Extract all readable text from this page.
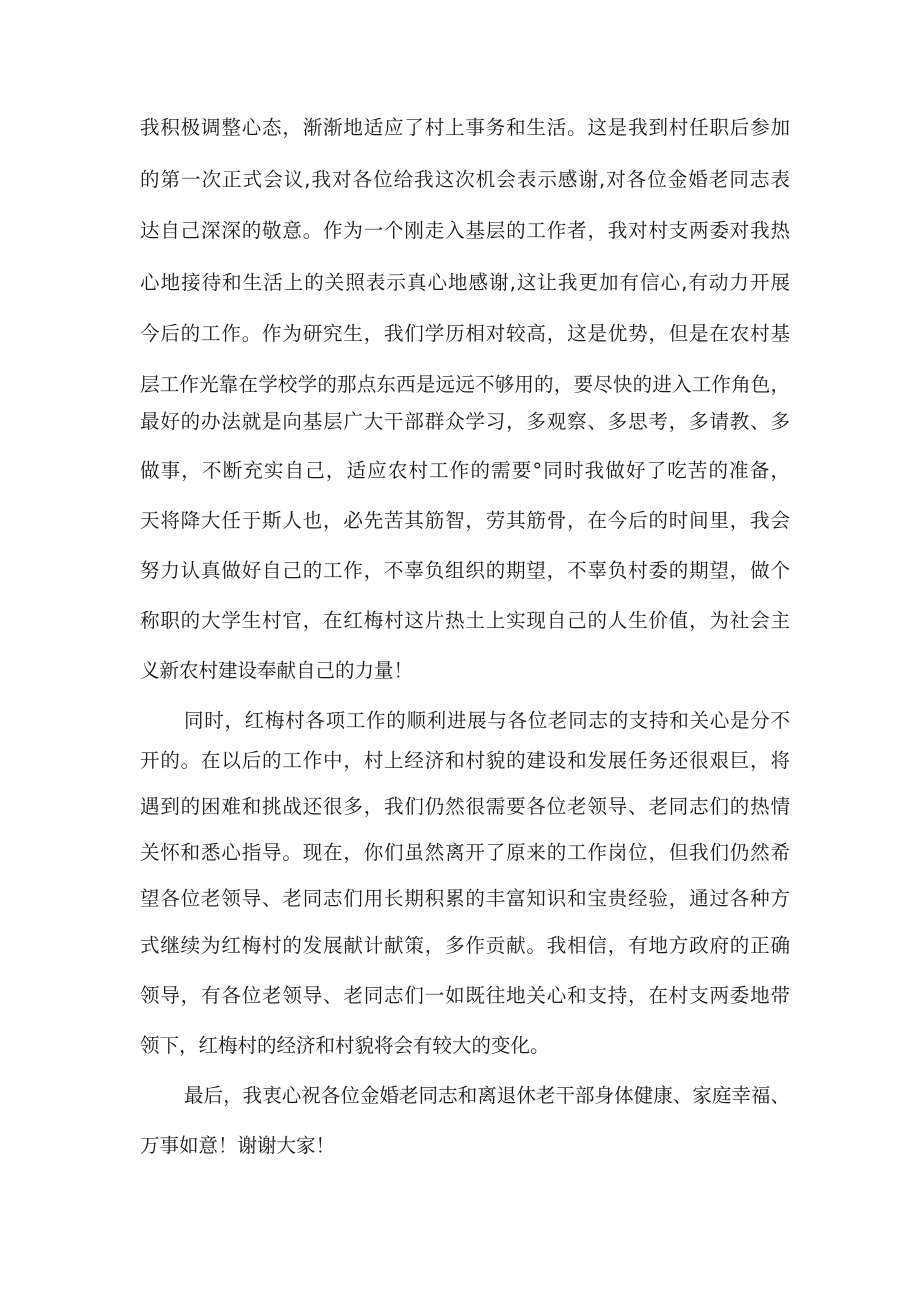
我积极调整心态，渐渐地适应了村上事务和生活。这是我到村任职后参加
的第一次正式会议,我对各位给我这次机会表示感谢,对各位金婚老同志表
达自己深深的敬意。作为一个刚走入基层的工作者，我对村支两委对我热
心地接待和生活上的关照表示真心地感谢,这让我更加有信心,有动力开展
今后的工作。作为研究生，我们学历相对较高，这是优势，但是在农村基
层工作光靠在学校学的那点东西是远远不够用的，要尽快的进入工作角色，
最好的办法就是向基层广大干部群众学习，多观察、多思考，多请教、多
做事，不断充实自己，适应农村工作的需要°同时我做好了吃苦的准备，
天将降大任于斯人也，必先苦其筋智，劳其筋骨，在今后的时间里，我会
努力认真做好自己的工作，不辜负组织的期望，不辜负村委的期望，做个
称职的大学生村官，在红梅村这片热土上实现自己的人生价值，为社会主
义新农村建设奉献自己的力量！
同时，红梅村各项工作的顺利进展与各位老同志的支持和关心是分不
开的。在以后的工作中，村上经济和村貌的建设和发展任务还很艰巨，将
遇到的困难和挑战还很多，我们仍然很需要各位老领导、老同志们的热情
关怀和悉心指导。现在，你们虽然离开了原来的工作岗位，但我们仍然希
望各位老领导、老同志们用长期积累的丰富知识和宝贵经验，通过各种方
式继续为红梅村的发展献计献策，多作贡献。我相信，有地方政府的正确
领导，有各位老领导、老同志们一如既往地关心和支持，在村支两委地带
领下，红梅村的经济和村貌将会有较大的变化。
最后，我衷心祝各位金婚老同志和离退休老干部身体健康、家庭幸福、
万事如意！谢谢大家！
